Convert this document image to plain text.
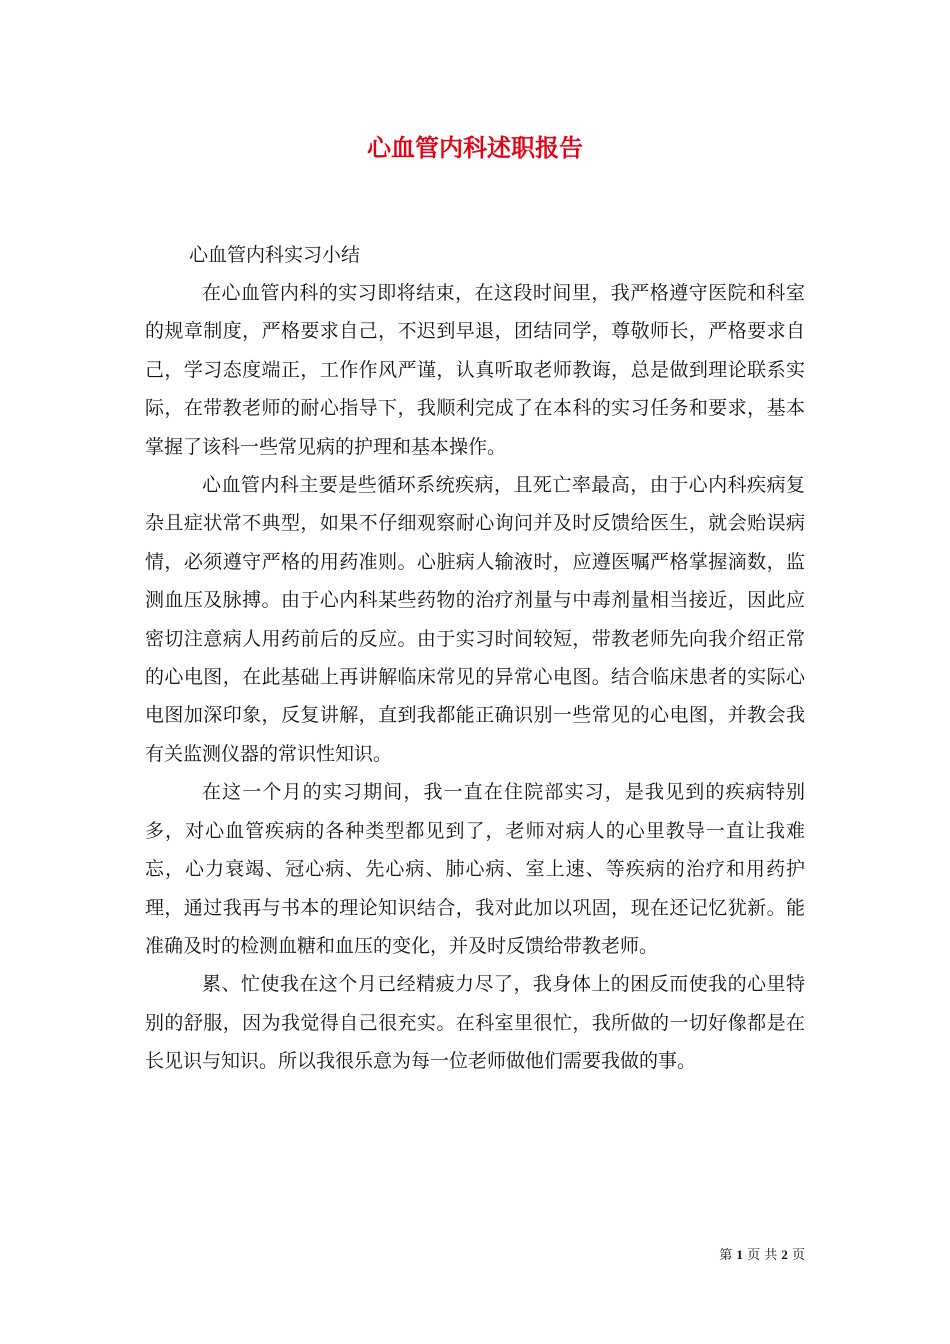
心血管内科述职报告
心血管内科实习小结

在心血管内科的实习即将结束，在这段时间里，我严格遵守医院和科室的规章制度，严格要求自己，不迟到早退，团结同学，尊敬师长，严格要求自己，学习态度端正，工作作风严谨，认真听取老师教诲，总是做到理论联系实际，在带教老师的耐心指导下，我顺利完成了在本科的实习任务和要求，基本掌握了该科一些常见病的护理和基本操作。

心血管内科主要是些循环系统疾病，且死亡率最高，由于心内科疾病复杂且症状常不典型，如果不仔细观察耐心询问并及时反馈给医生，就会贻误病情，必须遵守严格的用药准则。心脏病人输液时，应遵医嘱严格掌握滴数，监测血压及脉搏。由于心内科某些药物的治疗剂量与中毒剂量相当接近，因此应密切注意病人用药前后的反应。由于实习时间较短，带教老师先向我介绍正常的心电图，在此基础上再讲解临床常见的异常心电图。结合临床患者的实际心电图加深印象，反复讲解，直到我都能正确识别一些常见的心电图，并教会我有关监测仪器的常识性知识。

在这一个月的实习期间，我一直在住院部实习，是我见到的疾病特别多，对心血管疾病的各种类型都见到了，老师对病人的心里教导一直让我难忘，心力衰竭、冠心病、先心病、肺心病、室上速、等疾病的治疗和用药护理，通过我再与书本的理论知识结合，我对此加以巩固，现在还记忆犹新。能准确及时的检测血糖和血压的变化，并及时反馈给带教老师。

累、忙使我在这个月已经精疲力尽了，我身体上的困反而使我的心里特别的舒服，因为我觉得自己很充实。在科室里很忙，我所做的一切好像都是在长见识与知识。所以我很乐意为每一位老师做他们需要我做的事。

第 1 页 共 2 页
